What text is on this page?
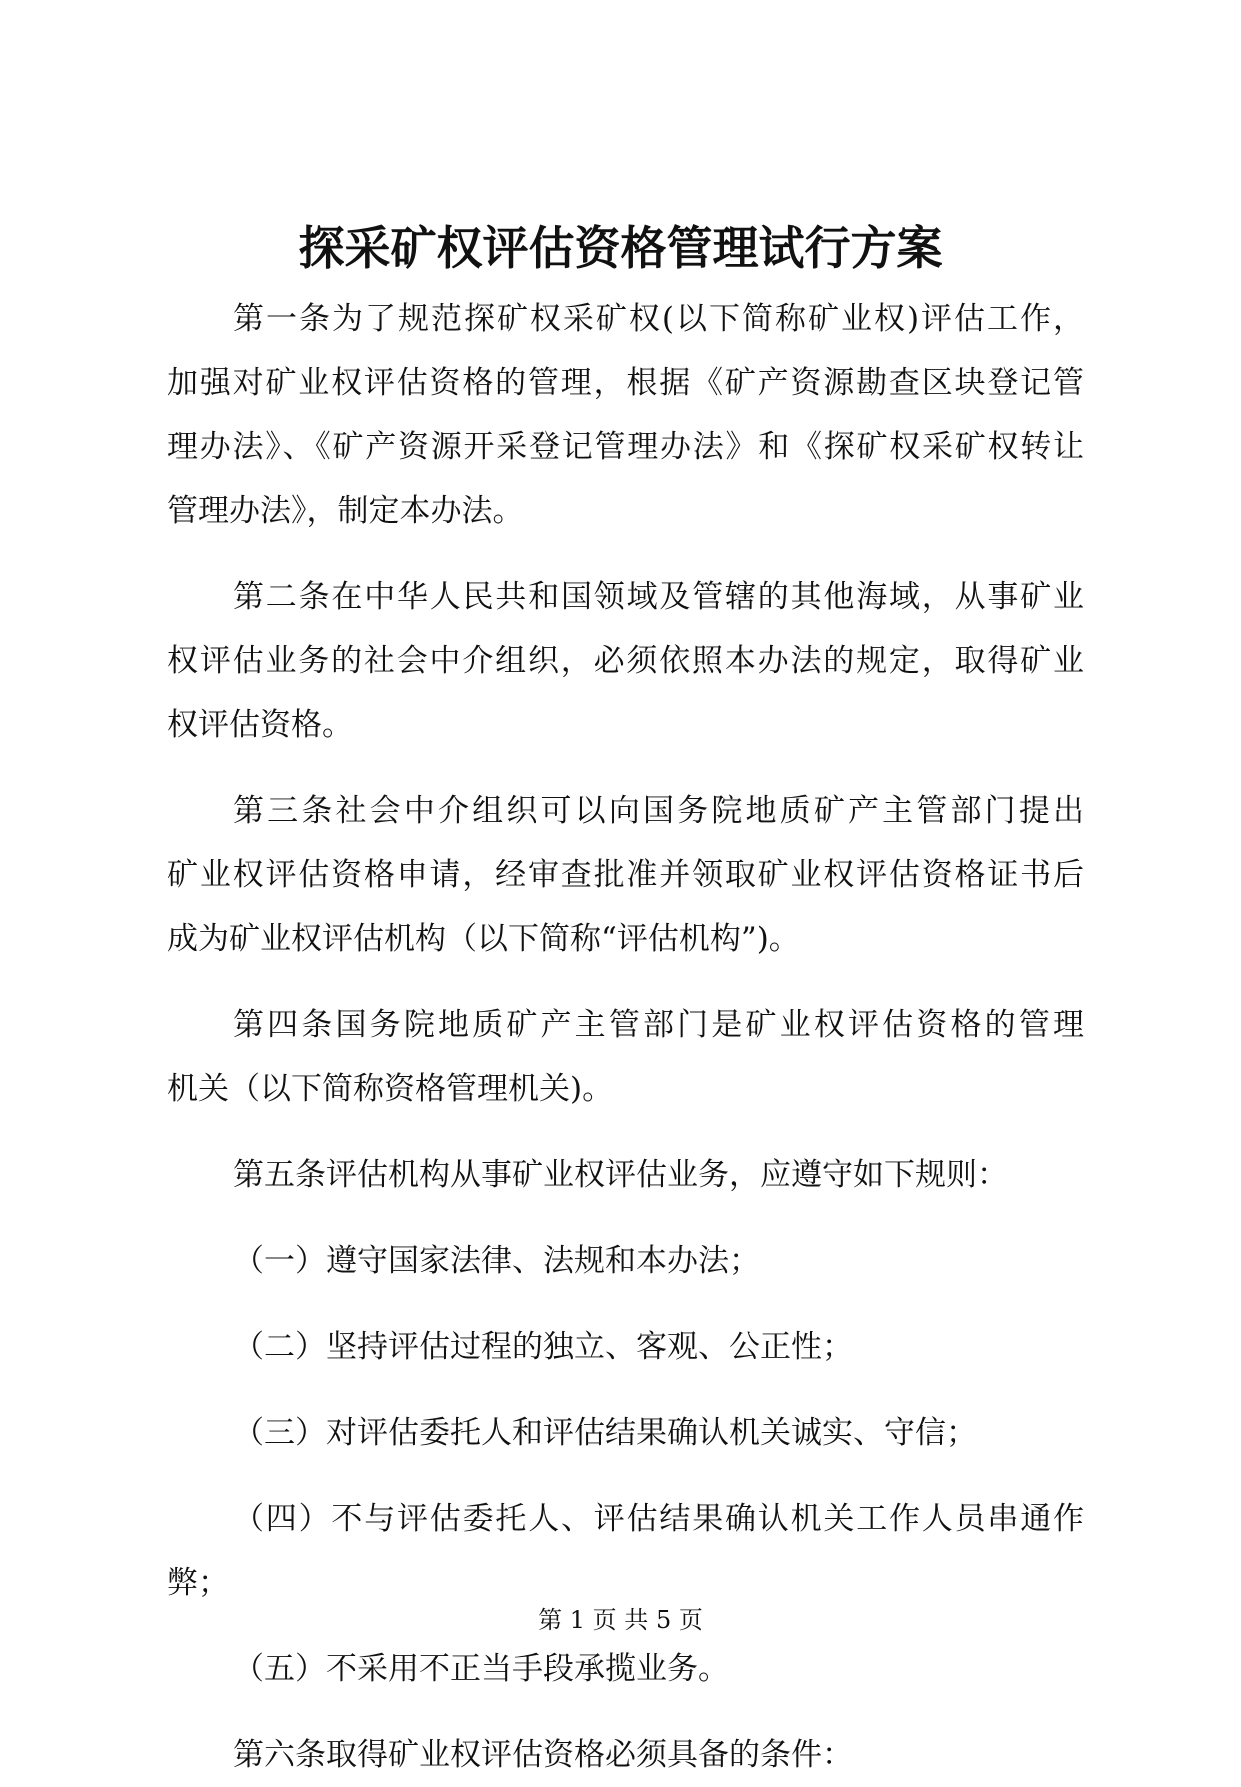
探采矿权评估资格管理试行方案

第一条为了规范探矿权采矿权(以下简称矿业权)评估工作，
加强对矿业权评估资格的管理，根据《矿产资源勘查区块登记管
理办法》、《矿产资源开采登记管理办法》和《探矿权采矿权转让
管理办法》，制定本办法。

第二条在中华人民共和国领域及管辖的其他海域，从事矿业
权评估业务的社会中介组织，必须依照本办法的规定，取得矿业
权评估资格。

第三条社会中介组织可以向国务院地质矿产主管部门提出
矿业权评估资格申请，经审查批准并领取矿业权评估资格证书后
成为矿业权评估机构（以下简称“评估机构”)。

第四条国务院地质矿产主管部门是矿业权评估资格的管理
机关（以下简称资格管理机关)。

第五条评估机构从事矿业权评估业务，应遵守如下规则：

（一）遵守国家法律、法规和本办法；

（二）坚持评估过程的独立、客观、公正性；

（三）对评估委托人和评估结果确认机关诚实、守信；

（四）不与评估委托人、评估结果确认机关工作人员串通作
弊；

（五）不采用不正当手段承揽业务。

第六条取得矿业权评估资格必须具备的条件：

第 1 页 共 5 页
